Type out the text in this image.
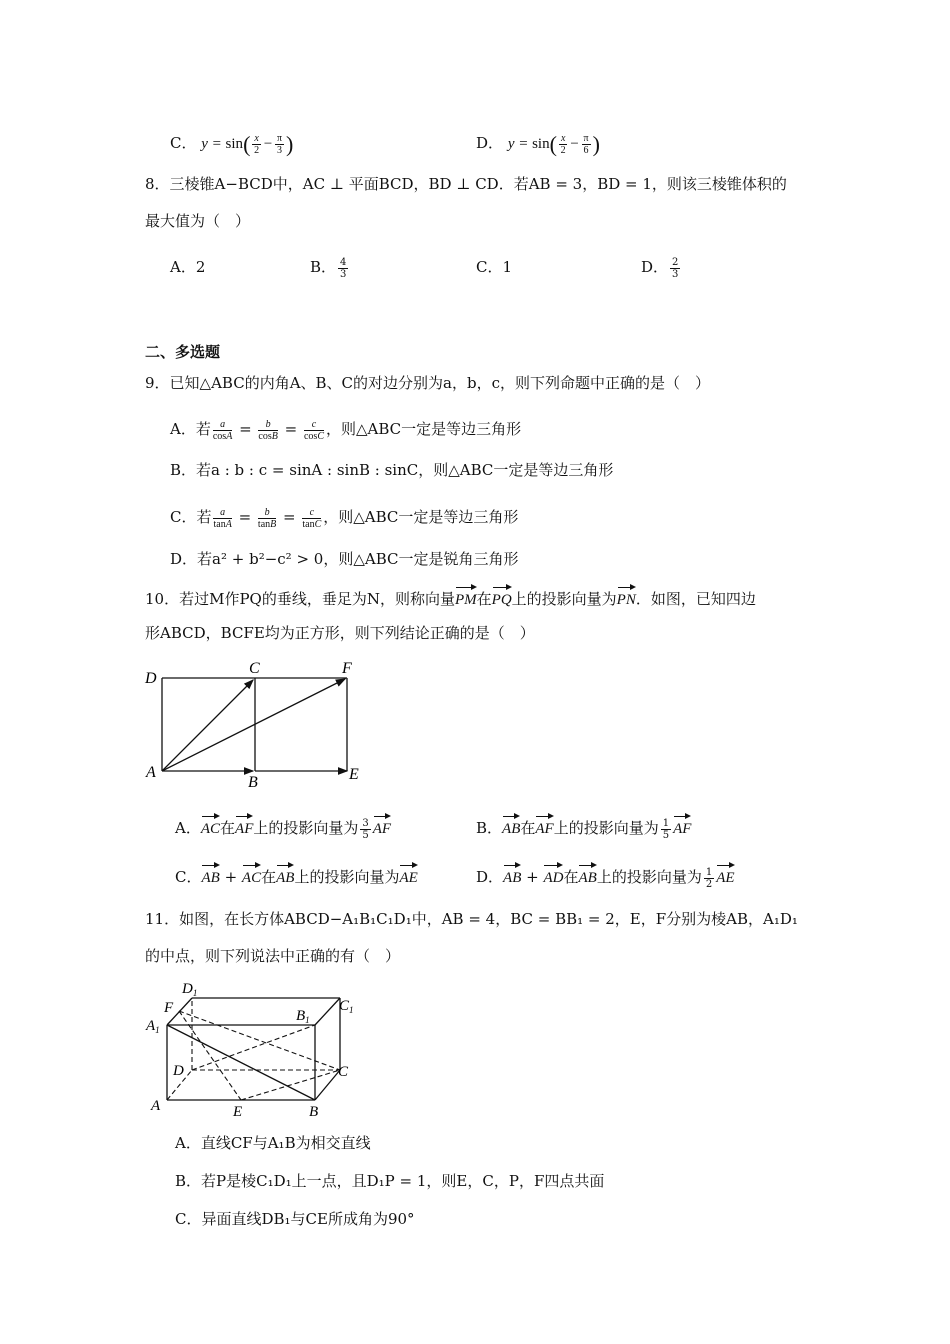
C． $y = \sin( \frac{x}{2} - \frac{\pi}{3}$ )	D． $y = \sin( \frac{x}{2} - \frac{\pi}{6}$ )
8．三棱锥A−BCD中，AC ⊥ 平面BCD，BD ⊥ CD．若AB = 3，BD = 1，则该三棱锥体积的
最大值为（　）
A．2	B． $\frac{4}{3}$	C．1	D． $\frac{2}{3}$
二、多选题
9．已知△ABC的内角A、B、C的对边分别为a，b，c，则下列命题中正确的是（　）
A．若 $\frac{a}{\cos A} = \frac{b}{\cos B} = \frac{c}{\cos C}$ ，则△ABC一定是等边三角形
B．若a : b : c = sinA : sinB : sinC，则△ABC一定是等边三角形
C．若 $\frac{a}{\tan A} = \frac{b}{\tan B} = \frac{c}{\tan C}$ ，则△ABC一定是等边三角形
D．若a² + b²−c² > 0，则△ABC一定是锐角三角形
10．若过M作PQ的垂线，垂足为N，则称向量PM在PQ上的投影向量为PN．如图，已知四边
形ABCD，BCFE均为正方形，则下列结论正确的是（　）
D
C	F
A
B	E
A．AC在AF上的投影向量为 $\frac{3}{5}$ AF	B．AB在AF上的投影向量为 $\frac{1}{5}$ AF
C．AB + AC在AB上的投影向量为AE	D．AB + AD在AB上的投影向量为 $\frac{1}{2}$ AE
11．如图，在长方体ABCD−A₁B₁C₁D₁中，AB = 4，BC = BB₁ = 2，E，F分别为棱AB，A₁D₁
的中点，则下列说法中正确的有（　）
$D_1$
$C_1$
F	$B_1$
$A_1$
D	C
A	E	B
A．直线CF与A₁B为相交直线
B．若P是棱C₁D₁上一点，且D₁P = 1，则E，C，P，F四点共面
C．异面直线DB₁与CE所成角为90°
